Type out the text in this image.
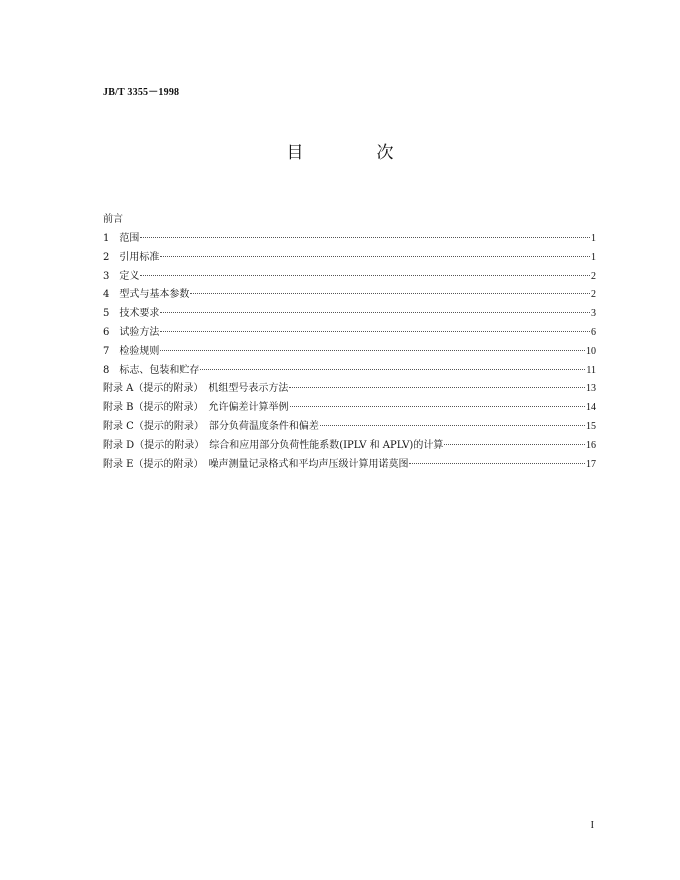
JB/T 3355－1998
目　次
前言
1　范围	1
2　引用标准	1
3　定义	2
4　型式与基本参数	2
5　技术要求	3
6　试验方法	6
7　检验规则	10
8　标志、包装和贮存	11
附录 A（提示的附录）　机组型号表示方法	13
附录 B（提示的附录）　允许偏差计算举例	14
附录 C（提示的附录）　部分负荷温度条件和偏差	15
附录 D（提示的附录）　综合和应用部分负荷性能系数(IPLV 和 APLV)的计算	16
附录 E（提示的附录）　噪声测量记录格式和平均声压级计算用诺莫图	17
I
